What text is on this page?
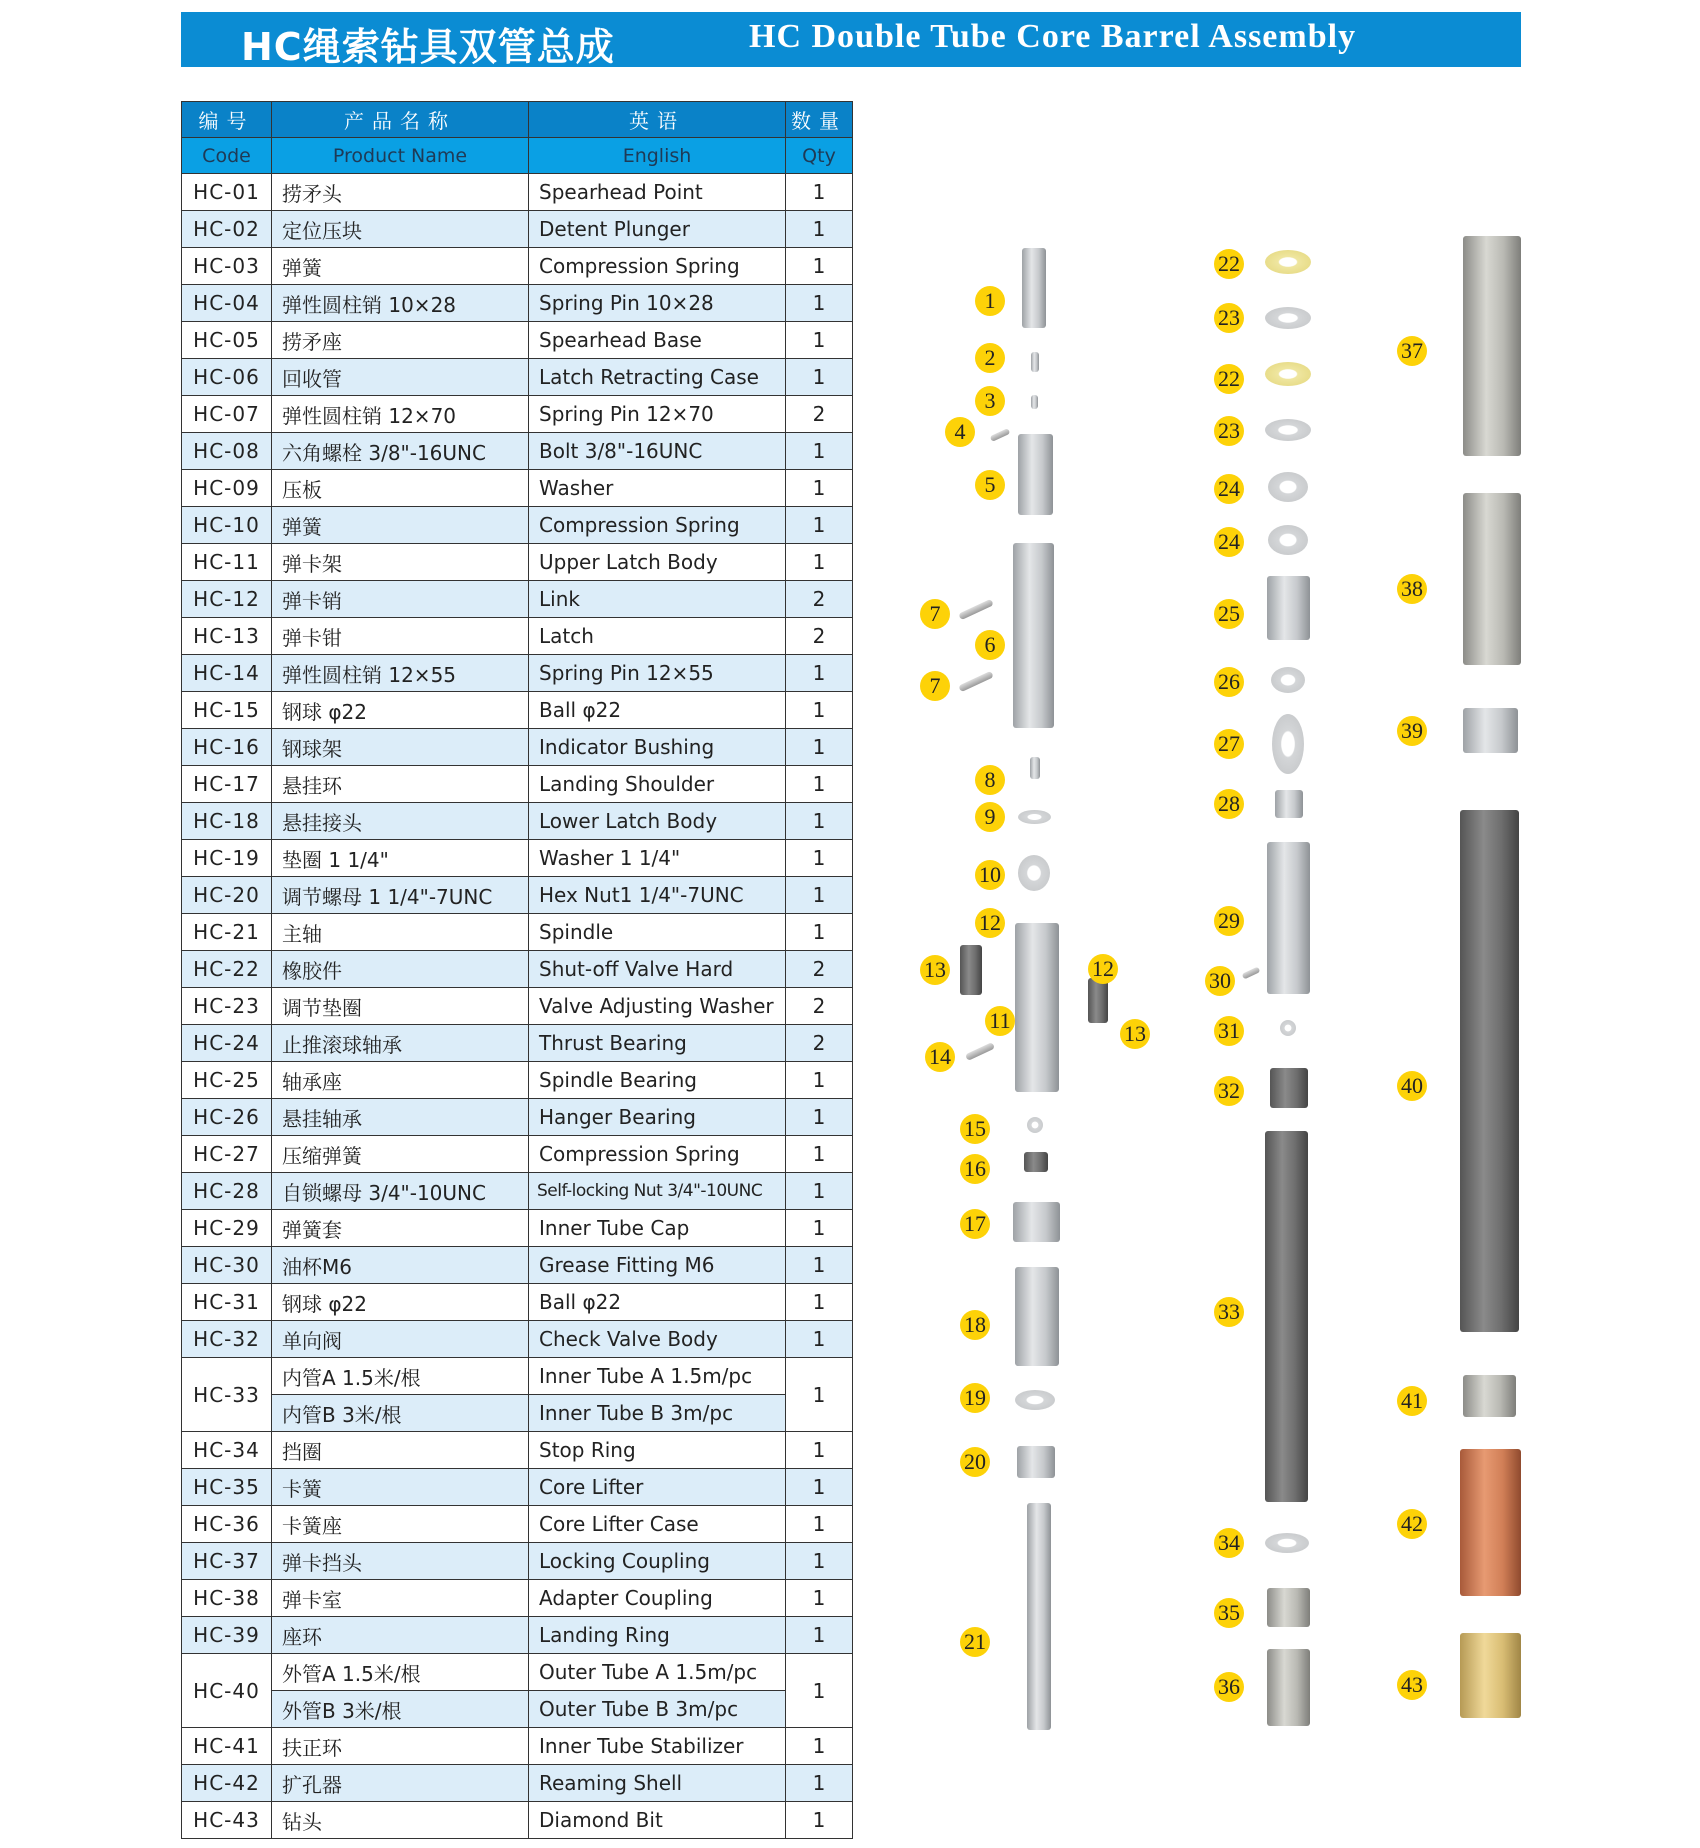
HC绳索钻具双管总成	HC Double Tube Core Barrel Assembly
编号	产品名称	英语	数量
Code	Product Name	English	Qty
HC-01	捞矛头	Spearhead Point	1
HC-02	定位压块	Detent Plunger	1
HC-03	弹簧	Compression Spring	1
HC-04	弹性圆柱销 10×28	Spring Pin 10×28	1
HC-05	捞矛座	Spearhead Base	1
HC-06	回收管	Latch Retracting Case	1
HC-07	弹性圆柱销 12×70	Spring Pin 12×70	2
HC-08	六角螺栓 3/8"-16UNC	Bolt 3/8"-16UNC	1
HC-09	压板	Washer	1
HC-10	弹簧	Compression Spring	1
HC-11	弹卡架	Upper Latch Body	1
HC-12	弹卡销	Link	2
HC-13	弹卡钳	Latch	2
HC-14	弹性圆柱销 12×55	Spring Pin 12×55	1
HC-15	钢球 φ22	Ball φ22	1
HC-16	钢球架	Indicator Bushing	1
HC-17	悬挂环	Landing Shoulder	1
HC-18	悬挂接头	Lower Latch Body	1
HC-19	垫圈 1 1/4"	Washer 1 1/4"	1
HC-20	调节螺母 1 1/4"-7UNC	Hex Nut1 1/4"-7UNC	1
HC-21	主轴	Spindle	1
HC-22	橡胶件	Shut-off Valve Hard	2
HC-23	调节垫圈	Valve Adjusting Washer	2
HC-24	止推滚球轴承	Thrust Bearing	2
HC-25	轴承座	Spindle Bearing	1
HC-26	悬挂轴承	Hanger Bearing	1
HC-27	压缩弹簧	Compression Spring	1
HC-28	自锁螺母 3/4"-10UNC	Self-locking Nut 3/4"-10UNC	1
HC-29	弹簧套	Inner Tube Cap	1
HC-30	油杯M6	Grease Fitting M6	1
HC-31	钢球 φ22	Ball φ22	1
HC-32	单向阀	Check Valve Body	1
HC-33	内管A 1.5米/根	Inner Tube A 1.5m/pc	1
	内管B 3米/根	Inner Tube B 3m/pc	
HC-34	挡圈	Stop Ring	1
HC-35	卡簧	Core Lifter	1
HC-36	卡簧座	Core Lifter Case	1
HC-37	弹卡挡头	Locking Coupling	1
HC-38	弹卡室	Adapter Coupling	1
HC-39	座环	Landing Ring	1
HC-40	外管A 1.5米/根	Outer Tube A 1.5m/pc	1
	外管B 3米/根	Outer Tube B 3m/pc	
HC-41	扶正环	Inner Tube Stabilizer	1
HC-42	扩孔器	Reaming Shell	1
HC-43	钻头	Diamond Bit	1
1
2
3
4
5
7
6
7
8
9
10
12
13	12
11
13
14
15
16
17
18
19
20
21
22
23
22
23
24
24
25
26
27
28
29
30
31
32
33
34
35
36
37
38
39
40
41
42
43
